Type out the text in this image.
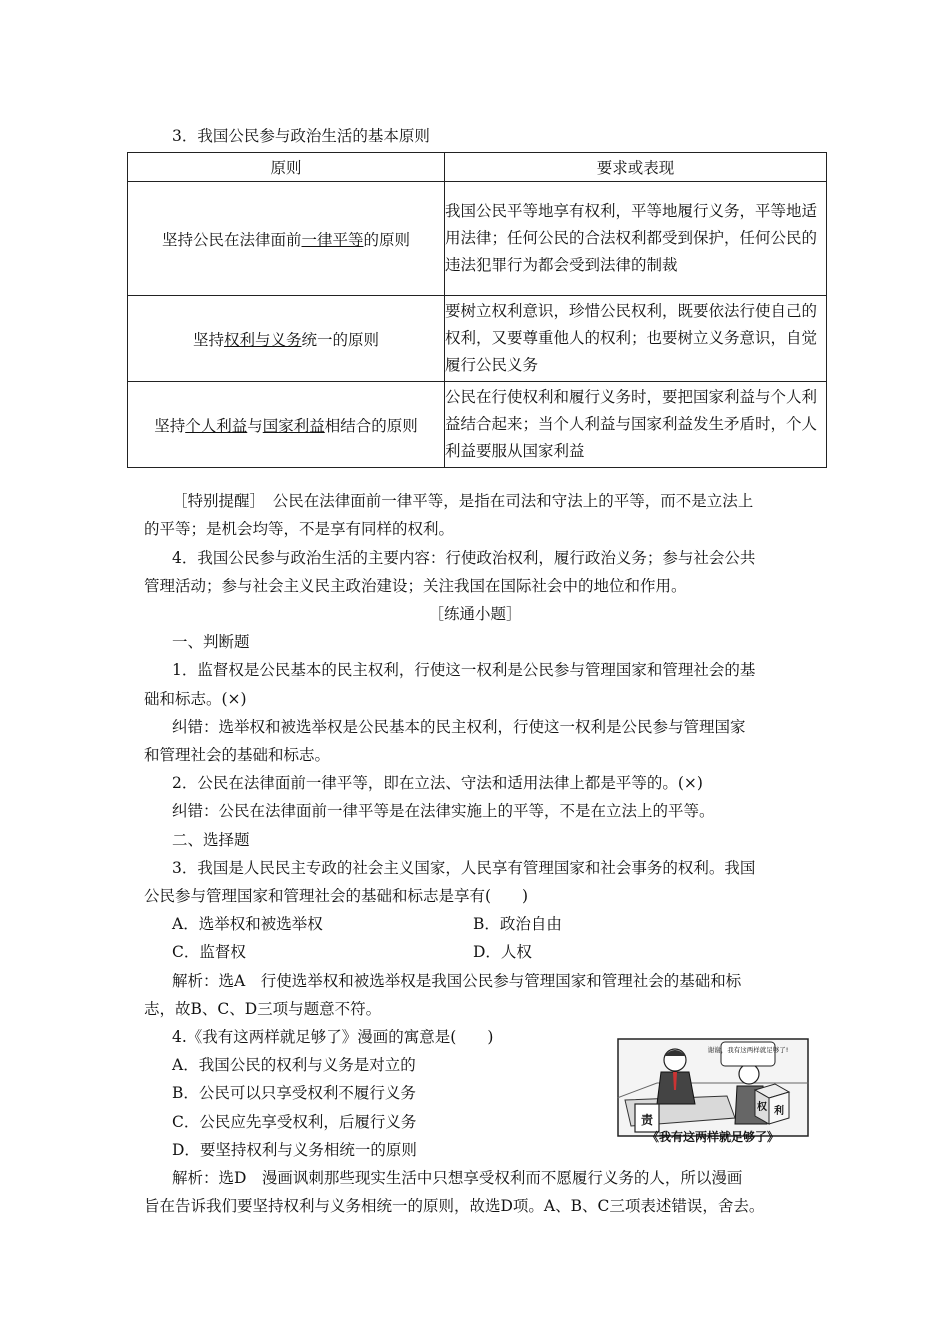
3．我国公民参与政治生活的基本原则
原则	要求或表现
坚持公民在法律面前一律平等的原则	我国公民平等地享有权利，平等地履行义务，平等地适用法律；任何公民的合法权利都受到保护，任何公民的违法犯罪行为都会受到法律的制裁
坚持权利与义务统一的原则	要树立权利意识，珍惜公民权利，既要依法行使自己的权利，又要尊重他人的权利；也要树立义务意识，自觉履行公民义务
坚持个人利益与国家利益相结合的原则	公民在行使权利和履行义务时，要把国家利益与个人利益结合起来；当个人利益与国家利益发生矛盾时，个人利益要服从国家利益
［特别提醒］　公民在法律面前一律平等，是指在司法和守法上的平等，而不是立法上
的平等；是机会均等，不是享有同样的权利。
4．我国公民参与政治生活的主要内容：行使政治权利，履行政治义务；参与社会公共
管理活动；参与社会主义民主政治建设；关注我国在国际社会中的地位和作用。
［练通小题］
一、判断题
1．监督权是公民基本的民主权利，行使这一权利是公民参与管理国家和管理社会的基
础和标志。(×)
纠错：选举权和被选举权是公民基本的民主权利，行使这一权利是公民参与管理国家
和管理社会的基础和标志。
2．公民在法律面前一律平等，即在立法、守法和适用法律上都是平等的。(×)
纠错：公民在法律面前一律平等是在法律实施上的平等，不是在立法上的平等。
二、选择题
3．我国是人民民主专政的社会主义国家，人民享有管理国家和社会事务的权利。我国
公民参与管理国家和管理社会的基础和标志是享有(　　)
A．选举权和被选举权	B．政治自由
C．监督权	D．人权
解析：选A　行使选举权和被选举权是我国公民参与管理国家和管理社会的基础和标
志，故B、C、D三项与题意不符。
4.《我有这两样就足够了》漫画的寓意是(　　)
A．我国公民的权利与义务是对立的
B．公民可以只享受权利不履行义务
C．公民应先享受权利，后履行义务
D．要坚持权利与义务相统一的原则
解析：选D　漫画讽刺那些现实生活中只想享受权利而不愿履行义务的人，所以漫画
旨在告诉我们要坚持权利与义务相统一的原则，故选D项。A、B、C三项表述错误，舍去。
谢谢，我有这两样就足够了!
权 利
责
《我有这两样就足够了》
